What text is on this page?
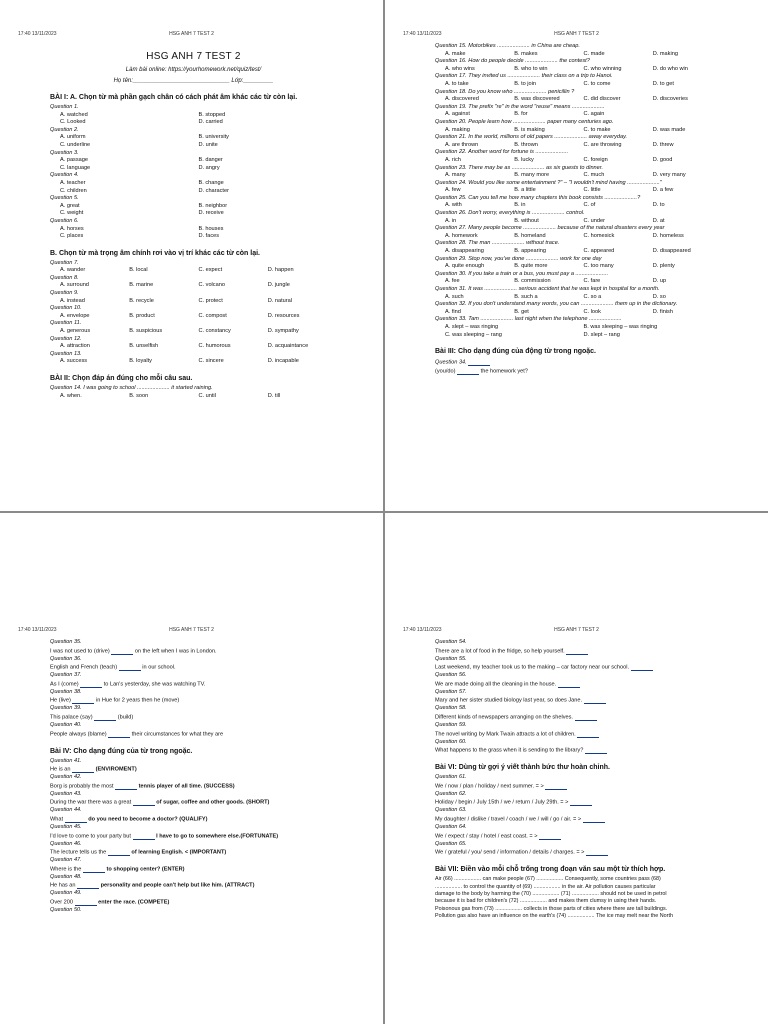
17:40 13/11/2023	HSG ANH 7 TEST 2
HSG ANH 7 TEST 2
Làm bài online: https://yourhomework.net/quiz/test/
Họ tên:_____________________________ Lớp:_________
BÀI I: A. Chọn từ mà phần gạch chân có cách phát âm khác các từ còn lại.
Question 1.
A. watched	B. stopped
C. Looked	D. carried
Question 2.
A. uniform	B. university
C. underline	D. unite
Question 3.
A. passage	B. danger
C. language	D. angry
Question 4.
A. teacher	B. change
C. children	D. character
Question 5.
A. great	B. neighbor
C. weight	D. receive
Question 6.
A. horses	B. houses
C. places	D. faces
B. Chọn từ mà trọng âm chính rơi vào vị trí khác các từ còn lại.
Question 7.
A. wander	B. local	C. expect	D. happen
Question 8.
A. surround	B. marine	C. volcano	D. jungle
Question 9.
A. instead	B. recycle	C. protect	D. natural
Question 10.
A. envelope	B. product	C. compost	D. resources
Question 11.
A. generous	B. suspicious	C. constancy	D. sympathy
Question 12.
A. attraction	B. unselfish	C. humorous	D. acquaintance
Question 13.
A. success	B. loyalty	C. sincere	D. incapable
BÀI II: Chọn đáp án đúng cho mỗi câu sau.
Question 14. I was going to school ..................... it started raining.
A. when.	B. soon	C. until	D. till
17:40 13/11/2023	HSG ANH 7 TEST 2
Question 15. Motorbikes ..................... in China are cheap.
A. make	B. makes	C. made	D. making
Question 16. How do people decide ..................... the contest?
A. who wins	B. who to win	C. who winning	D. do who win
Question 17. They invited us ..................... their class on a trip to Hanoi.
A. to take	B. to join	C. to come	D. to get
Question 18. Do you know who ..................... penicillin ?
A. discovered	B. was discovered	C. did discover	D. discoveries
Question 19. The prefix "re" in the word "reuse" means .....................
A. against	B. for	C. again
Question 20. People learn how ..................... paper many centuries ago.
A. making	B. is making	C. to make	D. was made
Question 21. In the world, millions of old papers ..................... away everyday.
A. are thrown	B. thrown	C. are throwing	D. threw
Question 22. Another word for fortune is .....................
A. rich	B. lucky	C. foreign	D. good
Question 23. There may be as ..................... as six guests to dinner.
A. many	B. many more	C. much	D. very many
Question 24. Would you like some entertainment ?" – "I wouldn't mind having ....................."
A. few	B. a little	C. little	D. a few
Question 25. Can you tell me how many chapters this book consists .....................?
A. with	B. in	C. of	D. to
Question 26. Don't worry, everything is ..................... control.
A. in	B. without	C. under	D. at
Question 27. Many people become ..................... because of the natural disasters every year
A. homework	B. homeland	C. homesick	D. homeless
Question 28. The man ..................... without trace.
A. disappearing	B. appearing	C. appeared	D. disappeared
Question 29. Stop now, you've done ..................... work for one day
A. quite enough	B. quite more	C. too many	D. plenty
Question 30. If you take a train or a bus, you must pay a .....................
A. fee	B. commission	C. fare	D. up
Question 31. It was ..................... serious accident that he was kept in hospital for a month.
A. such	B. such a	C. so a	D. so
Question 32. If you don't understand many words, you can ..................... them up in the dictionary.
A. find	B. get	C. look	D. finish
Question 33. Tam ..................... last night when the telephone .....................
A. slept – was ringing	B. was sleeping – was ringing
C. was sleeping – rang	D. slept – rang
Bài III: Cho dạng đúng của động từ trong ngoặc.
Question 34.
(you/do)	the homework yet?
17:40 13/11/2023	HSG ANH 7 TEST 2
Question 35.
I was not used to (drive)	on the left when I was in London.
Question 36.
English and French (teach)	in our school.
Question 37.
As I (come)	to Lan's yesterday, she was watching TV.
Question 38.
He (live)	in Hue for 2 years then he (move)
Question 39.
This palace (say)	(build)
Question 40.
People always (blame)	their circumstances for what they are
Bài IV: Cho dạng đúng của từ trong ngoặc.
Question 41.
He is an	(ENVIROMENT)
Question 42.
Borg is probably the most	tennis player of all time. (SUCCESS)
Question 43.
During the war there was a great	of sugar, coffee and other goods. (SHORT)
Question 44.
What	do you need to become a doctor? (QUALIFY)
Question 45.
I'd love to come to your party but	I have to go to somewhere else.(FORTUNATE)
Question 46.
The lecture tells us the	of learning English. < (IMPORTANT)
Question 47.
Where is the	to shopping center? (ENTER)
Question 48.
He has an	personality and people can't help but like him. (ATTRACT)
Question 49.
Over 200	enter the race. (COMPETE)
Question 50.
17:40 13/11/2023	HSG ANH 7 TEST 2
Question 54.
There are a lot of food in the fridge, so help yourself.
Question 55.
Last weekend, my teacher took us to the making – car factory near our school.
Question 56.
We are made doing all the cleaning in the house.
Question 57.
Mary and her sister studied biology last year, so does Jane.
Question 58.
Different kinds of newspapers arranging on the shelves.
Question 59.
The novel writing by Mark Twain attracts a lot of children.
Question 60.
What happens to the grass when it is sending to the library?
Bài VI: Dùng từ gợi ý viết thành bức thư hoàn chỉnh.
Question 61.
We / now / plan / holiday / next summer. = >
Question 62.
Holiday / begin / July 15th / we / return / July 29th. = >
Question 63.
My daughter / dislike / travel / coach / we / will / go / air. = >
Question 64.
We / expect / stay / hotel / east coast. = >
Question 65.
We / grateful / you/ send / information / details / charges. = >
Bài VII: Điền vào mỗi chỗ trống trong đoạn văn sau một từ thích hợp.
Air (66) .................. can make people (67) .................. Consequently, some countries pass (68)
.................. to control the quantity of (69) .................. in the air. Air pollution causes particular
damage to the body by harming the (70) .................. (71) .................. should not be used in petrol
because it is bad for children's (72) .................. and makes them clumsy in using their hands.
Poisonous gas from (73) .................. collects in those parts of cities where there are tall buildings.
Pollution gas also have an influence on the earth's (74) .................. The ice may melt near the North
